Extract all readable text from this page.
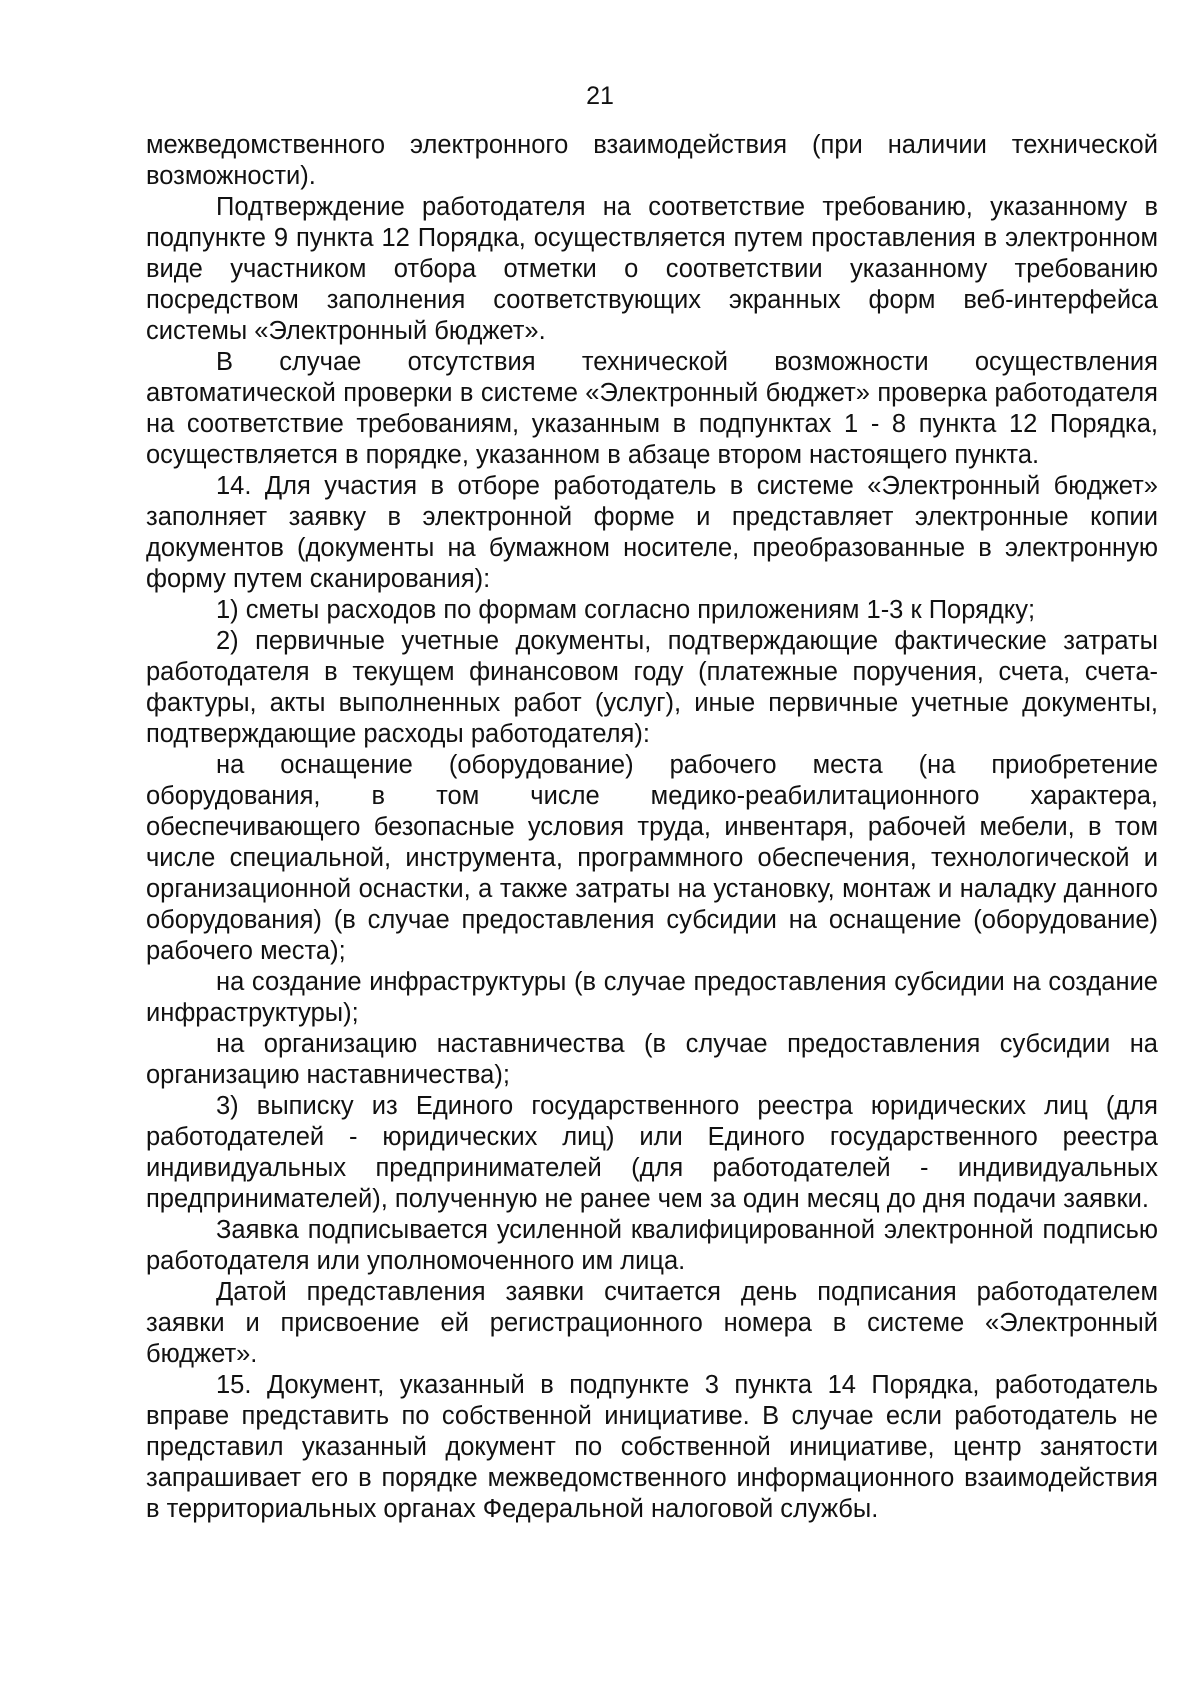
21

межведомственного электронного взаимодействия (при наличии технической возможности).

Подтверждение работодателя на соответствие требованию, указанному в подпункте 9 пункта 12 Порядка, осуществляется путем проставления в электронном виде участником отбора отметки о соответствии указанному требованию посредством заполнения соответствующих экранных форм веб-интерфейса системы «Электронный бюджет».

В случае отсутствия технической возможности осуществления автоматической проверки в системе «Электронный бюджет» проверка работодателя на соответствие требованиям, указанным в подпунктах 1 - 8 пункта 12 Порядка, осуществляется в порядке, указанном в абзаце втором настоящего пункта.

14. Для участия в отборе работодатель в системе «Электронный бюджет» заполняет заявку в электронной форме и представляет электронные копии документов (документы на бумажном носителе, преобразованные в электронную форму путем сканирования):

1) сметы расходов по формам согласно приложениям 1-3 к Порядку;

2) первичные учетные документы, подтверждающие фактические затраты работодателя в текущем финансовом году (платежные поручения, счета, счета-фактуры, акты выполненных работ (услуг), иные первичные учетные документы, подтверждающие расходы работодателя):

на оснащение (оборудование) рабочего места (на приобретение оборудования, в том числе медико-реабилитационного характера, обеспечивающего безопасные условия труда, инвентаря, рабочей мебели, в том числе специальной, инструмента, программного обеспечения, технологической и организационной оснастки, а также затраты на установку, монтаж и наладку данного оборудования) (в случае предоставления субсидии на оснащение (оборудование) рабочего места);

на создание инфраструктуры (в случае предоставления субсидии на создание инфраструктуры);

на организацию наставничества (в случае предоставления субсидии на организацию наставничества);

3) выписку из Единого государственного реестра юридических лиц (для работодателей - юридических лиц) или Единого государственного реестра индивидуальных предпринимателей (для работодателей - индивидуальных предпринимателей), полученную не ранее чем за один месяц до дня подачи заявки.

Заявка подписывается усиленной квалифицированной электронной подписью работодателя или уполномоченного им лица.

Датой представления заявки считается день подписания работодателем заявки и присвоение ей регистрационного номера в системе «Электронный бюджет».

15. Документ, указанный в подпункте 3 пункта 14 Порядка, работодатель вправе представить по собственной инициативе. В случае если работодатель не представил указанный документ по собственной инициативе, центр занятости запрашивает его в порядке межведомственного информационного взаимодействия в территориальных органах Федеральной налоговой службы.
